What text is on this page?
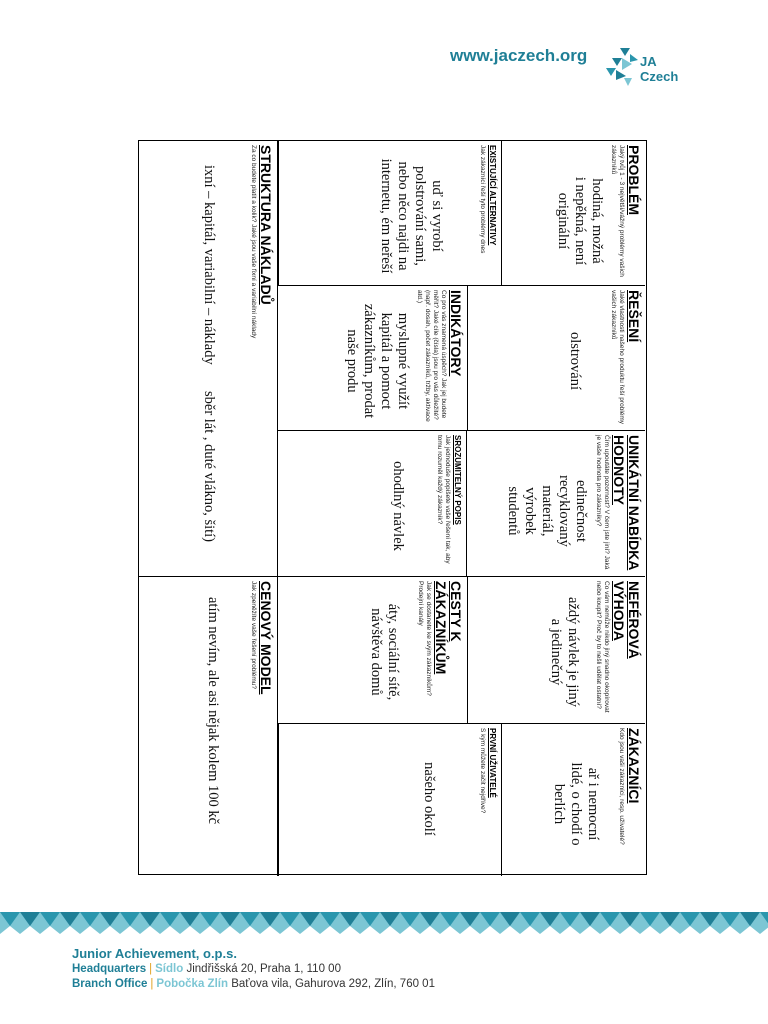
www.jaczech.org	JA
Czech
PROBLÉM
Jaký tvůj 1 - 3 největší/vážný problémy vašich zákazníků
hodiná, možná i nepěkná, není originální
EXISTUJÍCÍ ALTERNATIVY
Jak zákazníci řeší tyto problémy dnes
uď si vyrobí polstrování sami, nebo něco najdi na internetu, ém neřeší
ŘEŠENÍ
Jaké vlastnosti našeho produktu řeší problémy vašich zákazníků
olstrování
INDIKÁTORY
Co pro vás znamená úspěch? Jak jej budete měřit? Jaké cíle (čísla) jsou pro vás důležité? (např. dosah, počet zákazníků, tržby, aktivace atd.)
myslupné využít kapitál a pomoct zákazníkům, prodat naše produ
UNIKÁTNÍ NABÍDKA HODNOTY
Čím upoutáte pozornost? V čem jste jiní? Jaká je vaše hodnota pro zákazníky?
edinečnost recyklovaný materiál, výrobek studentů
SROZUMITELNÝ POPIS
Jak jednoduše popíšete vaše řešení tak, aby tomu rozuměl každý zákazník?
ohodlný návlek
NEFÉROVÁ VÝHODA
Co vám nemůže nikdo jiný snadno okopírovat nebo koupit? Proč by to nešli udělat ostatní?
aždý návlek je jiný a jedinečný
CESTY K ZÁKAZNÍKŮM
Jak se dostanete ke svým zákazníkům? Prodejní kanály
áty, sociální sítě, návštěva domů
ZÁKAZNÍCI
Kdo jsou vaši zákazníci, resp. uživatelé?
ař i nemocní lidé, o chodí o berlích
PRVNÍ UŽIVATELÉ
S kým můžete začít nejdříve?
našeho okolí
STRUKTURA NÁKLADŮ
Za co budete platit a kolik? Jaké jsou vaše fixní a variabilní náklady
ixní – kapitál, variabilní – náklady
sběr lát , duté vlákno, šití)
CENOVÝ MODEL
Jak zpeněžíte vaše řešení problému?
atím nevím, ale asi nějak kolem 100 kč
Junior Achievement, o.p.s.
Headquarters | Sídlo Jindřišská 20, Praha 1, 110 00
Branch Office | Pobočka Zlín Baťova vila, Gahurova 292, Zlín, 760 01
